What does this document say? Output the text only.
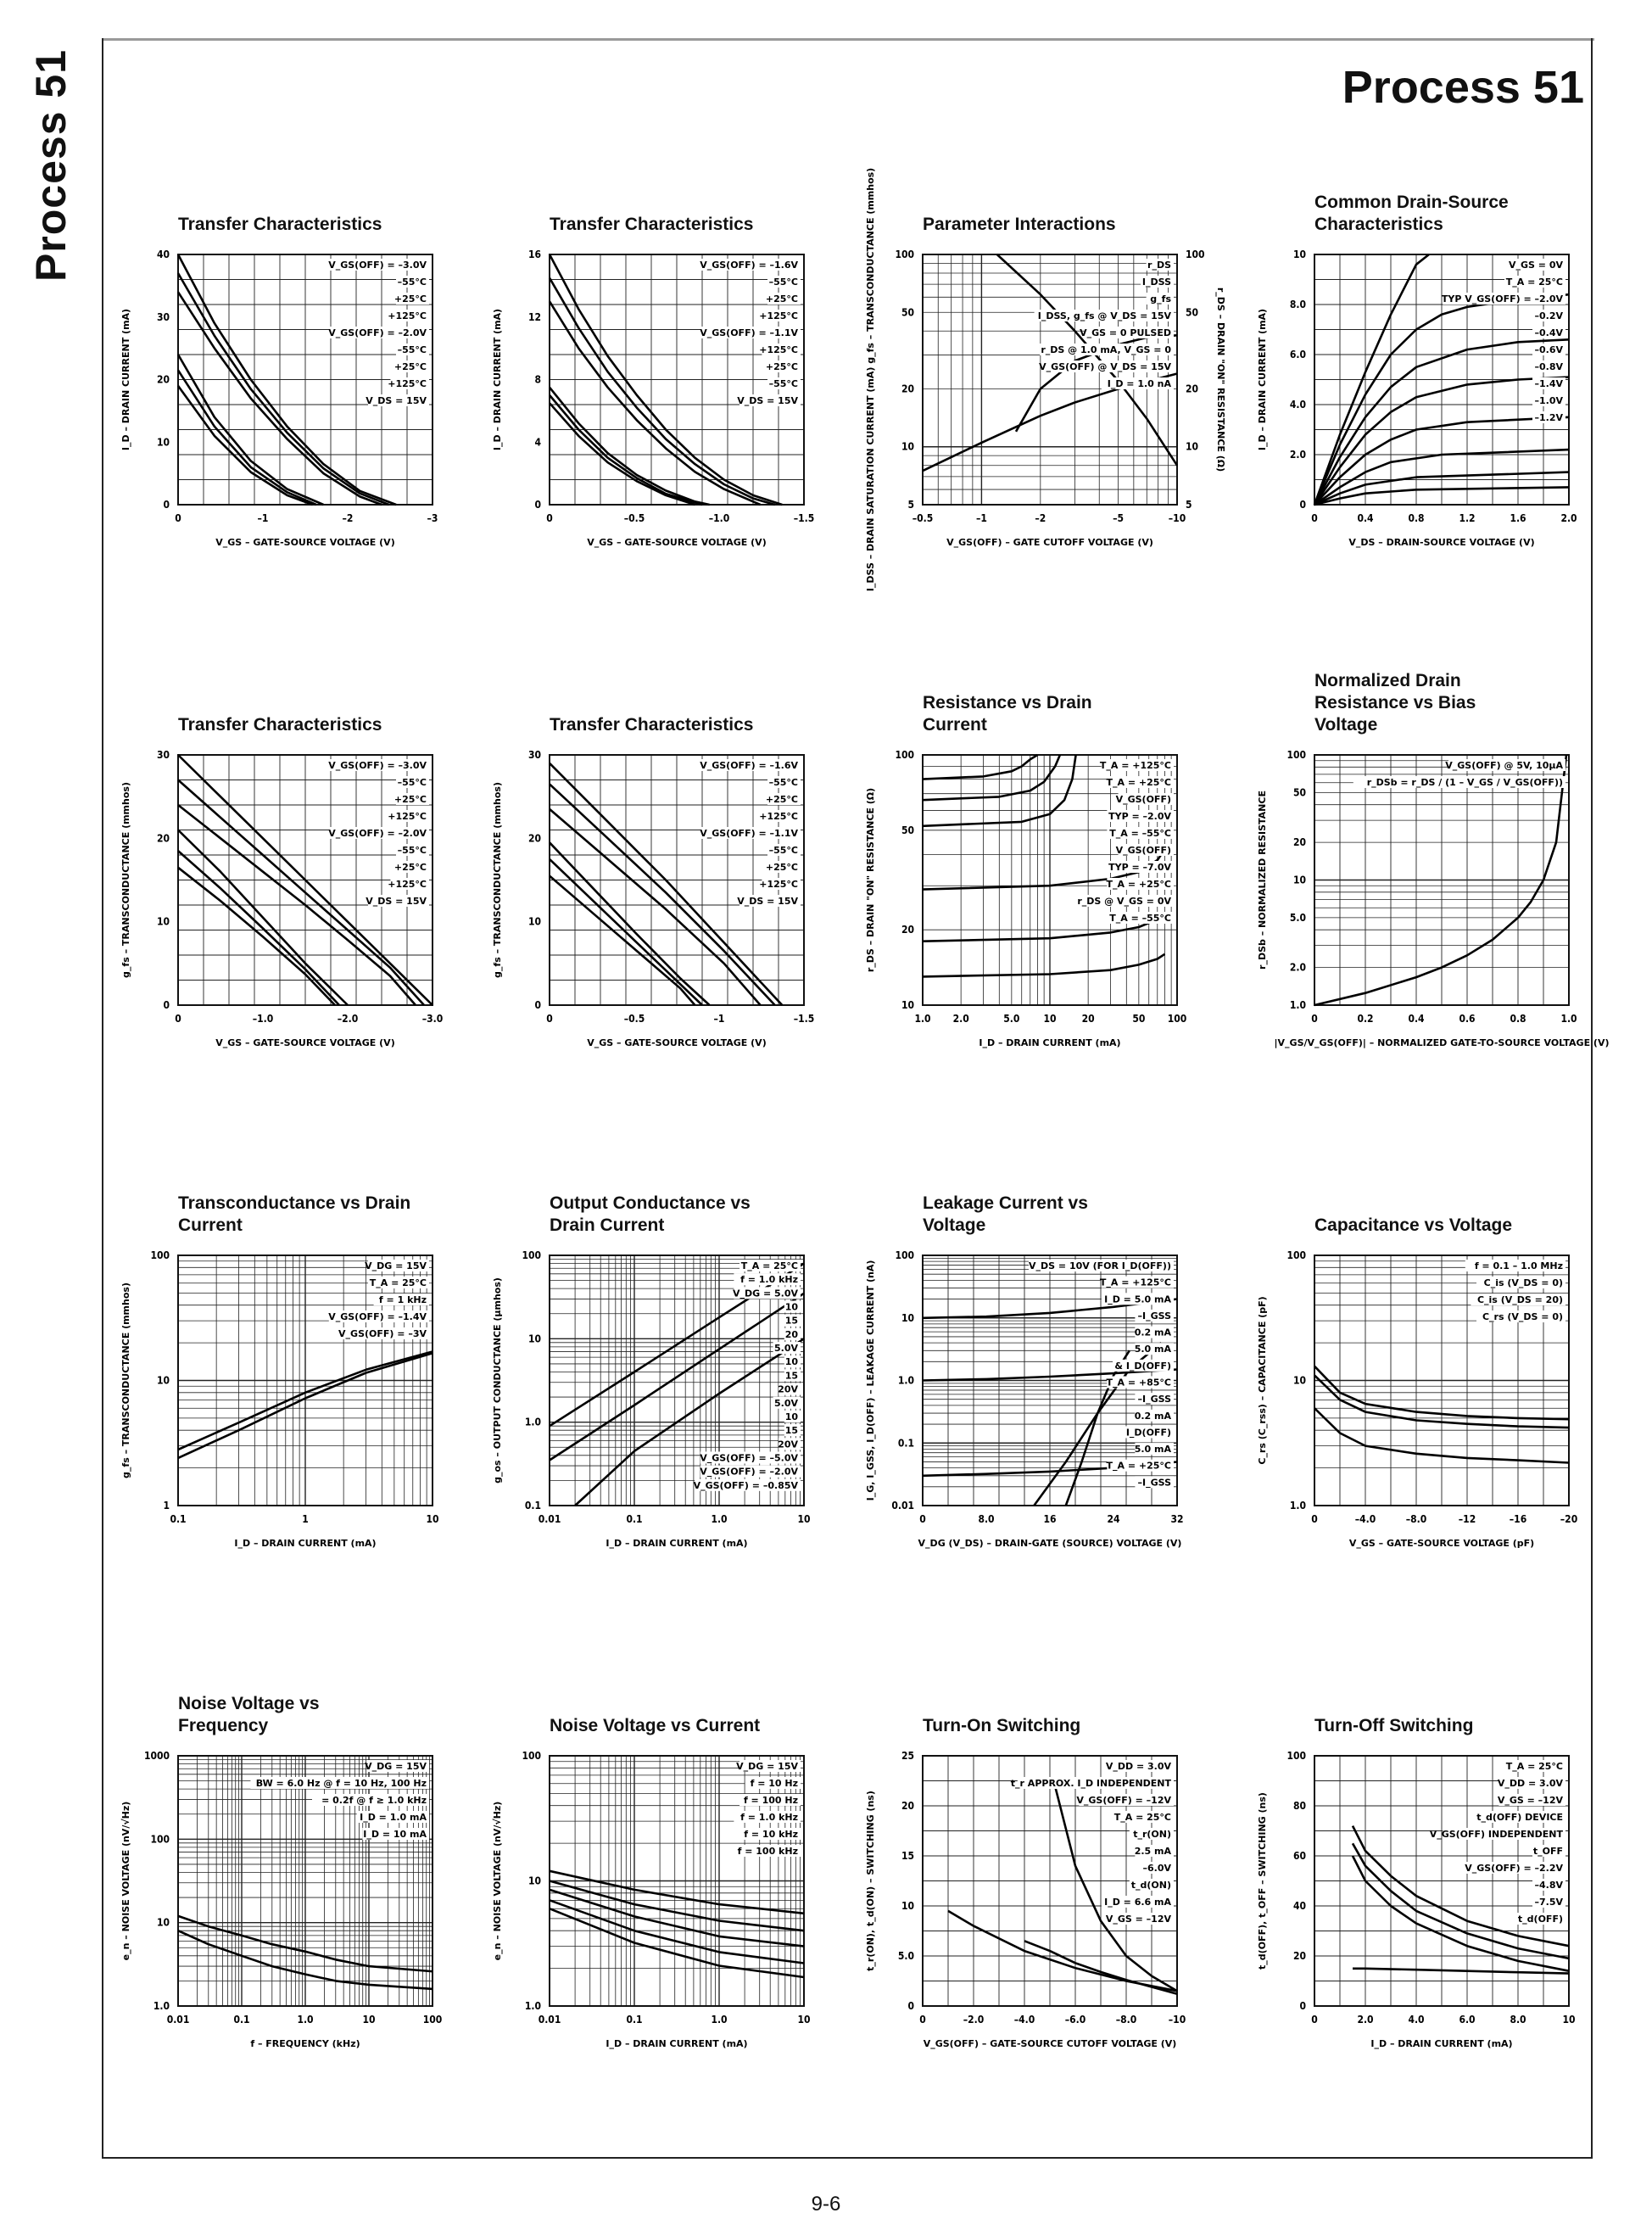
Process 51	Process 51
Transfer Characteristics
0	–1	–2	–3
0
10
20
30
40
V_GS – GATE-SOURCE VOLTAGE (V)
I_D – DRAIN CURRENT (mA)
V_GS(OFF) = –3.0V
–55°C
+25°C
+125°C
V_GS(OFF) = –2.0V
–55°C
+25°C
+125°C
V_DS = 15V
Transfer Characteristics
0	–0.5	–1.0	–1.5
0
4
8
12
16
V_GS – GATE-SOURCE VOLTAGE (V)
I_D – DRAIN CURRENT (mA)
V_GS(OFF) = –1.6V
–55°C
+25°C
+125°C
V_GS(OFF) = –1.1V
+125°C
+25°C
–55°C
V_DS = 15V
Parameter Interactions
–0.5	–1	–2	–5	–10
5
10
20
50
100
5
10
20
50
100
V_GS(OFF) – GATE CUTOFF VOLTAGE (V)
I_DSS – DRAIN SATURATION CURRENT (mA) g_fs – TRANSCONDUCTANCE (mmhos)	r_DS – DRAIN "ON" RESISTANCE (Ω)
r_DS
I_DSS
g_fs
I_DSS, g_fs @ V_DS = 15V
V_GS = 0 PULSED
r_DS @ 1.0 mA, V_GS = 0
V_GS(OFF) @ V_DS = 15V
I_D = 1.0 nA
Common Drain-Source
Characteristics
0	0.4	0.8	1.2	1.6	2.0
0
2.0
4.0
6.0
8.0
10
V_DS – DRAIN-SOURCE VOLTAGE (V)
I_D – DRAIN CURRENT (mA)
V_GS = 0V
T_A = 25°C
TYP V_GS(OFF) = –2.0V
–0.2V
–0.4V
–0.6V
–0.8V
–1.4V
–1.0V
–1.2V
Transfer Characteristics
0	–1.0	–2.0	–3.0
0
10
20
30
V_GS – GATE-SOURCE VOLTAGE (V)
g_fs – TRANSCONDUCTANCE (mmhos)
V_GS(OFF) = –3.0V
–55°C
+25°C
+125°C
V_GS(OFF) = –2.0V
–55°C
+25°C
+125°C
V_DS = 15V
Transfer Characteristics
0	–0.5	–1	–1.5
0
10
20
30
V_GS – GATE-SOURCE VOLTAGE (V)
g_fs – TRANSCONDUCTANCE (mmhos)
V_GS(OFF) = –1.6V
–55°C
+25°C
+125°C
V_GS(OFF) = –1.1V
–55°C
+25°C
+125°C
V_DS = 15V
Resistance vs Drain
Current
1.0 2.0	5.0 10	20	50 100
10
20
50
100
I_D – DRAIN CURRENT (mA)
r_DS – DRAIN "ON" RESISTANCE (Ω)
T_A = +125°C
T_A = +25°C
V_GS(OFF)
TYP = –2.0V
T_A = –55°C
V_GS(OFF)
TYP = –7.0V
T_A = +25°C
r_DS @ V_GS = 0V
T_A = –55°C
Normalized Drain
Resistance vs Bias
Voltage
0	0.2	0.4	0.6	0.8	1.0
1.0
2.0
5.0
10
20
50
100
|V_GS/V_GS(OFF)| – NORMALIZED GATE-TO-SOURCE VOLTAGE (V)
r_DSb – NORMALIZED RESISTANCE
V_GS(OFF) @ 5V, 10µA
r_DSb = r_DS / (1 – V_GS / V_GS(OFF))
Transconductance vs Drain
Current
0.1	1	10
1
10
100
I_D – DRAIN CURRENT (mA)
g_fs – TRANSCONDUCTANCE (mmhos)
V_DG = 15V
T_A = 25°C
f = 1 kHz
V_GS(OFF) = –1.4V
V_GS(OFF) = –3V
Output Conductance vs
Drain Current
0.01	0.1	1.0	10
0.1
1.0
10
100
I_D – DRAIN CURRENT (mA)
g_os – OUTPUT CONDUCTANCE (µmhos)
T_A = 25°C
f = 1.0 kHz
V_DG = 5.0V
10
15
20
5.0V
10
15
20V
5.0V
10
15
20V
V_GS(OFF) = –5.0V
V_GS(OFF) = –2.0V
V_GS(OFF) = –0.85V
Leakage Current vs
Voltage
0	8.0	16	24	32
0.01
0.1
1.0
10
100
V_DG (V_DS) – DRAIN-GATE (SOURCE) VOLTAGE (V)
I_G, I_GSS, I_D(OFF) – LEAKAGE CURRENT (nA)	V_DS = 10V (FOR I_D(OFF))
T_A = +125°C
I_D = 5.0 mA
–I_GSS
0.2 mA
5.0 mA
& I_D(OFF)
T_A = +85°C
–I_GSS
0.2 mA
I_D(OFF)
5.0 mA
T_A = +25°C
–I_GSS
Capacitance vs Voltage
0	–4.0	–8.0	–12	–16	–20
1.0
10
100
V_GS – GATE-SOURCE VOLTAGE (pF)
C_rs (C_rss) – CAPACITANCE (pF)
f = 0.1 – 1.0 MHz
C_is (V_DS = 0)
C_is (V_DS = 20)
C_rs (V_DS = 0)
Noise Voltage vs
Frequency
0.01	0.1	1.0	10	100
1.0
10
100
1000
f – FREQUENCY (kHz)
e_n – NOISE VOLTAGE (nV/√Hz)
V_DG = 15V
BW = 6.0 Hz @ f = 10 Hz, 100 Hz
= 0.2f @ f ≥ 1.0 kHz
I_D = 1.0 mA
I_D = 10 mA
Noise Voltage vs Current
0.01	0.1	1.0	10
1.0
10
100
I_D – DRAIN CURRENT (mA)
e_n – NOISE VOLTAGE (nV/√Hz)
V_DG = 15V
f = 10 Hz
f = 100 Hz
f = 1.0 kHz
f = 10 kHz
f = 100 kHz
Turn-On Switching
0	–2.0	–4.0	–6.0	–8.0	–10
0
5.0
10
15
20
25
V_GS(OFF) – GATE-SOURCE CUTOFF VOLTAGE (V)
t_r(ON), t_d(ON) – SWITCHING (ns)
V_DD = 3.0V
t_r APPROX. I_D INDEPENDENT
V_GS(OFF) = –12V
T_A = 25°C
t_r(ON)
2.5 mA
–6.0V
t_d(ON)
I_D = 6.6 mA
V_GS = –12V
Turn-Off Switching
0	2.0	4.0	6.0	8.0	10
0
20
40
60
80
100
I_D – DRAIN CURRENT (mA)
t_d(OFF), t_OFF – SWITCHING (ns)
T_A = 25°C
V_DD = 3.0V
V_GS = –12V
t_d(OFF) DEVICE
V_GS(OFF) INDEPENDENT
t_OFF
V_GS(OFF) = –2.2V
–4.8V
–7.5V
t_d(OFF)
9-6
